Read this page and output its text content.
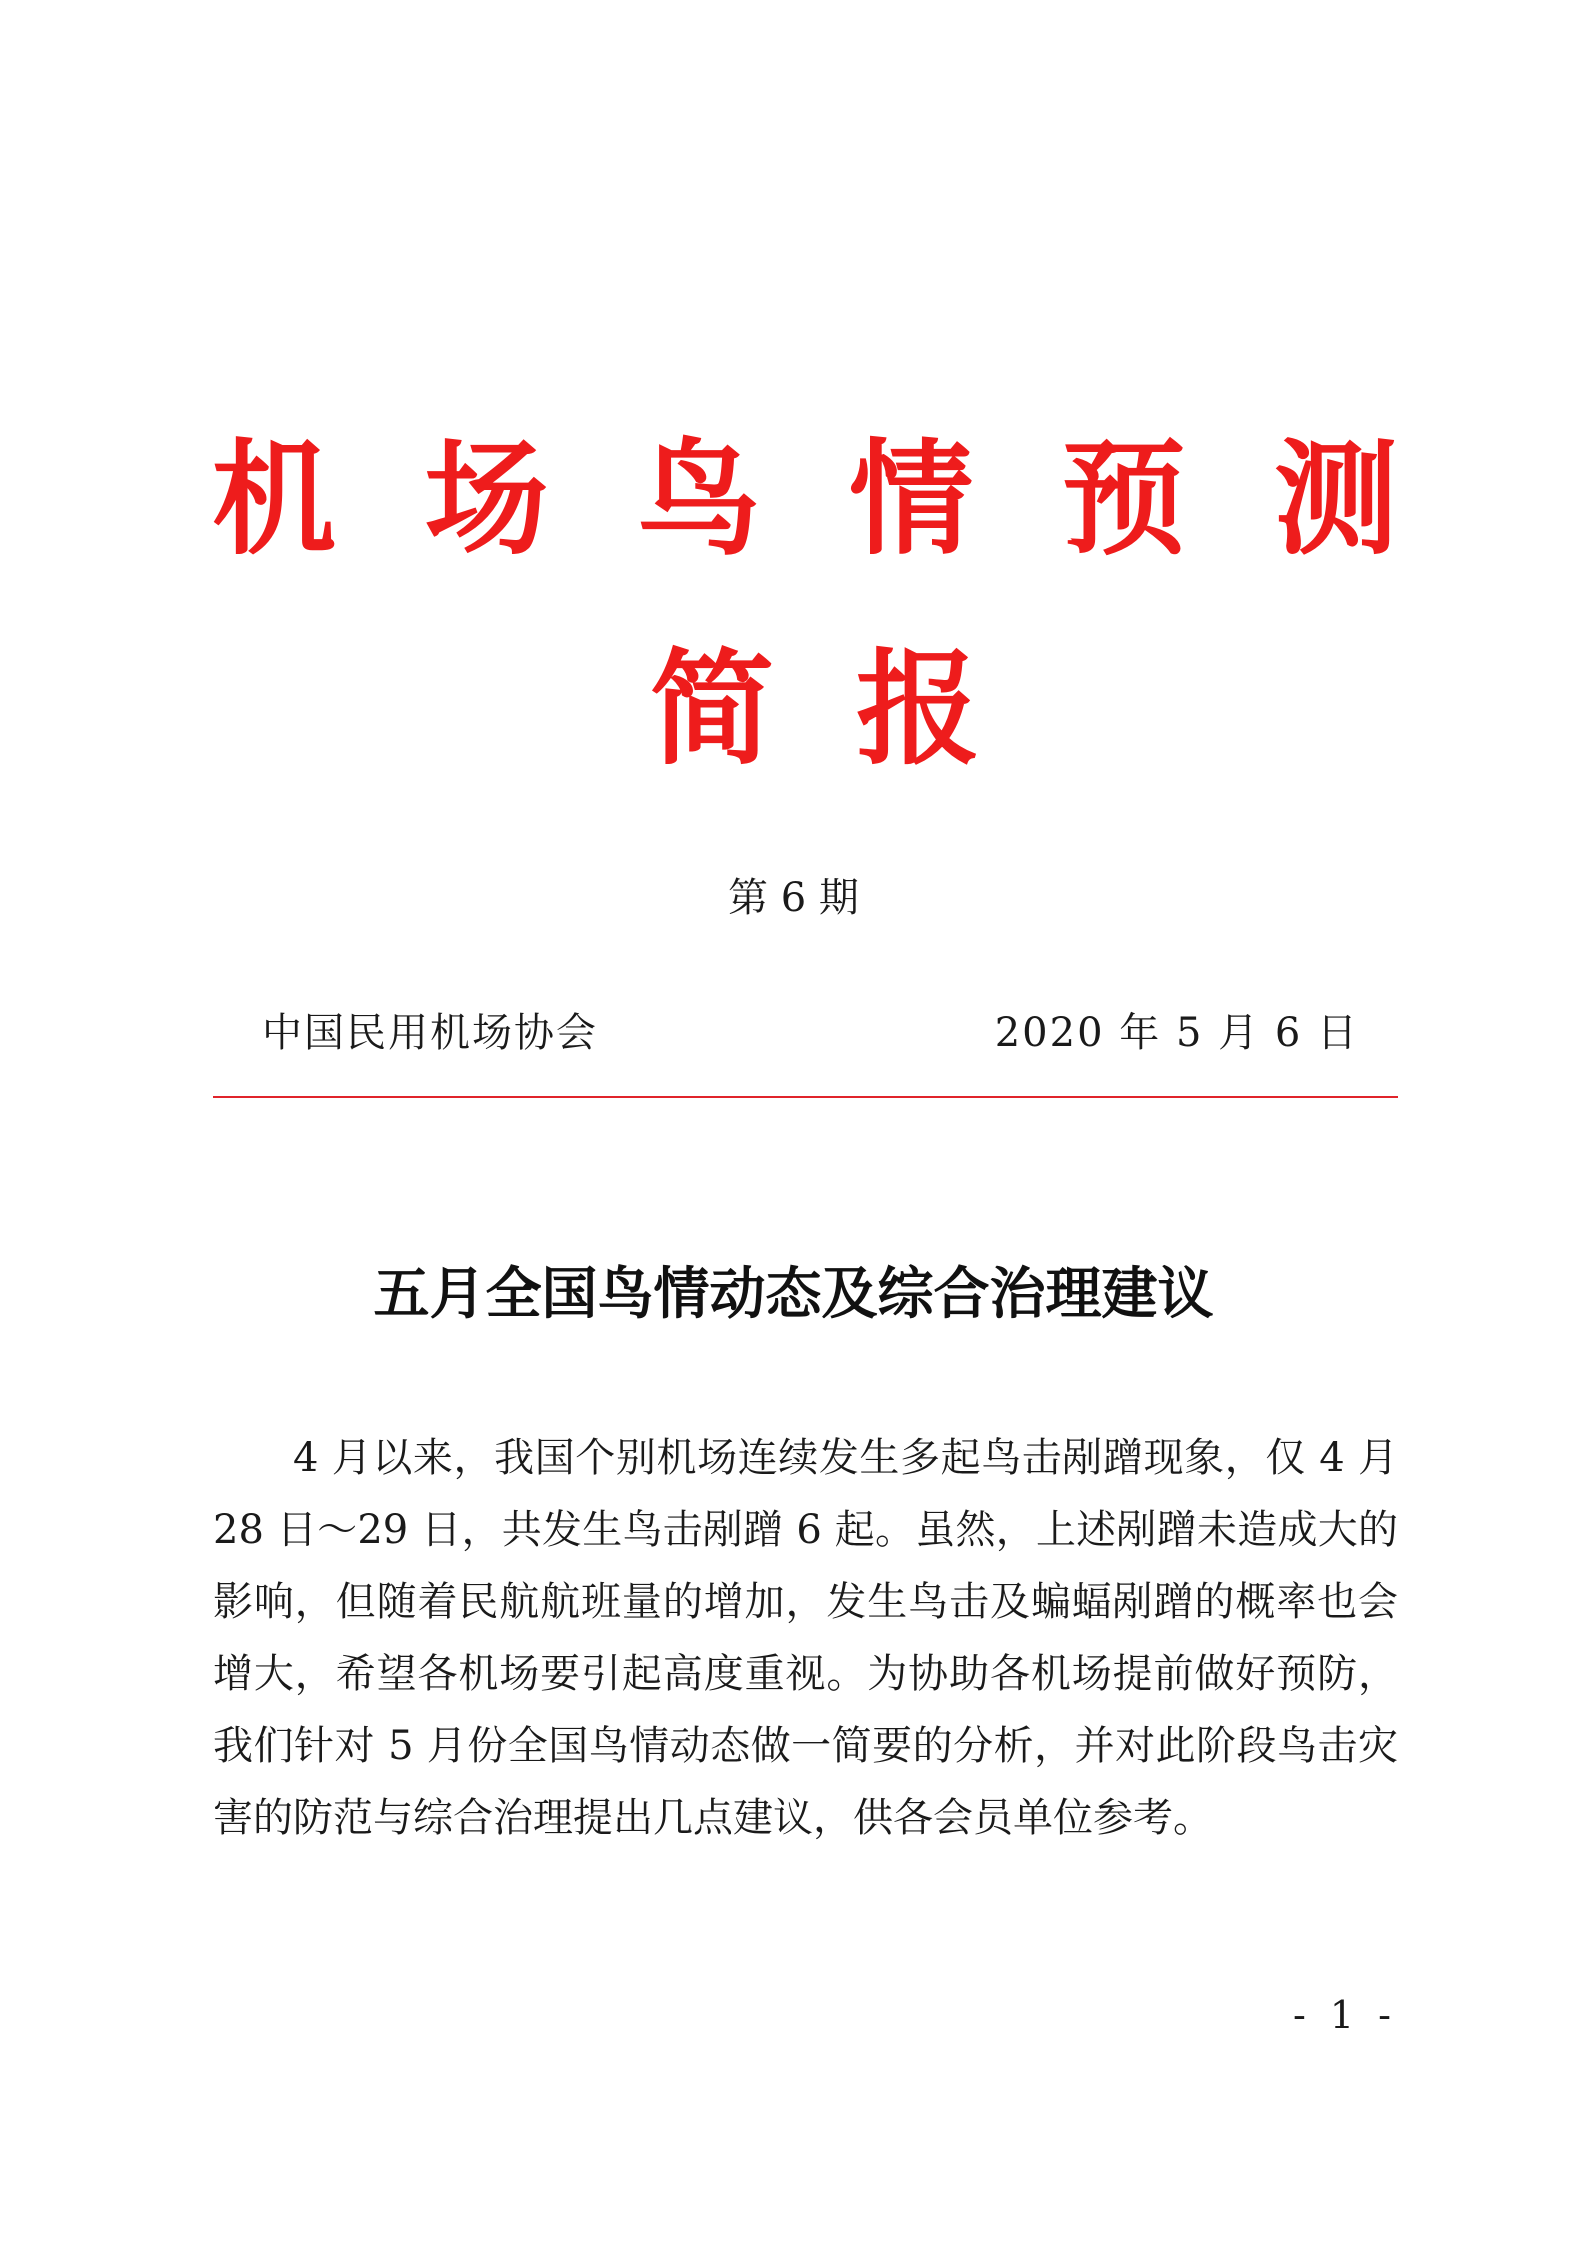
机 场 鸟 情 预 测
简 报
第 6 期
中国民用机场协会	2020 年 5 月 6 日
五月全国鸟情动态及综合治理建议

4 月以来，我国个别机场连续发生多起鸟击剐蹭现象，仅 4 月 28 日～29 日，共发生鸟击剐蹭 6 起。虽然，上述剐蹭未造成大的影响，但随着民航航班量的增加，发生鸟击及蝙蝠剐蹭的概率也会增大，希望各机场要引起高度重视。为协助各机场提前做好预防，我们针对 5 月份全国鸟情动态做一简要的分析，并对此阶段鸟击灾害的防范与综合治理提出几点建议，供各会员单位参考。

- 1 -
